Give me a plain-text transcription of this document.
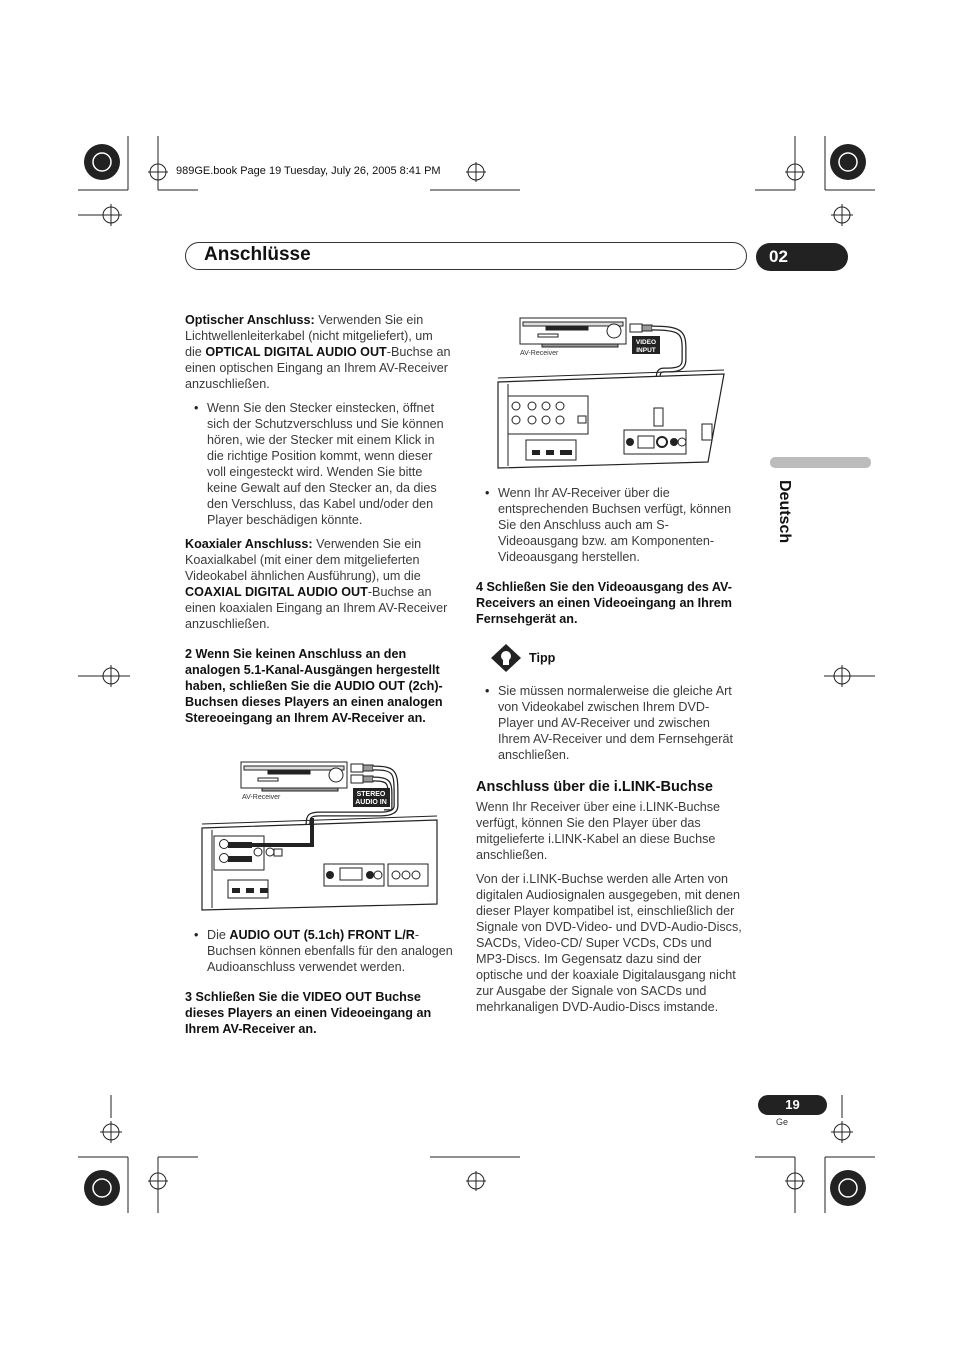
989GE.book Page 19 Tuesday, July 26, 2005 8:41 PM
Anschlüsse	02
Deutsch

Optischer Anschluss: Verwenden Sie ein Lichtwellenleiterkabel (nicht mitgeliefert), um die OPTICAL DIGITAL AUDIO OUT-Buchse an einen optischen Eingang an Ihrem AV-Receiver anzuschließen.

• Wenn Sie den Stecker einstecken, öffnet sich der Schutzverschluss und Sie können hören, wie der Stecker mit einem Klick in die richtige Position kommt, wenn dieser voll eingesteckt wird. Wenden Sie bitte keine Gewalt auf den Stecker an, da dies den Verschluss, das Kabel und/oder den Player beschädigen könnte.

Koaxialer Anschluss: Verwenden Sie ein Koaxialkabel (mit einer dem mitgelieferten Videokabel ähnlichen Ausführung), um die COAXIAL DIGITAL AUDIO OUT-Buchse an einen koaxialen Eingang an Ihrem AV-Receiver anzuschließen.

2 Wenn Sie keinen Anschluss an den analogen 5.1-Kanal-Ausgängen hergestellt haben, schließen Sie die AUDIO OUT (2ch)-Buchsen dieses Players an einen analogen Stereoeingang an Ihrem AV-Receiver an.

STEREO
AUDIO IN
AV-Receiver
• Die AUDIO OUT (5.1ch) FRONT L/R-Buchsen können ebenfalls für den analogen Audioanschluss verwendet werden.

3 Schließen Sie die VIDEO OUT Buchse dieses Players an einen Videoeingang an Ihrem AV-Receiver an.

VIDEO
INPUT
AV-Receiver
• Wenn Ihr AV-Receiver über die entsprechenden Buchsen verfügt, können Sie den Anschluss auch am S-Videoausgang bzw. am Komponenten-Videoausgang herstellen.

4 Schließen Sie den Videoausgang des AV-Receivers an einen Videoeingang an Ihrem Fernsehgerät an.

Tipp
• Sie müssen normalerweise die gleiche Art von Videokabel zwischen Ihrem DVD-Player und AV-Receiver und zwischen Ihrem AV-Receiver und dem Fernsehgerät anschließen.
Anschluss über die i.LINK-Buchse

Wenn Ihr Receiver über eine i.LINK-Buchse verfügt, können Sie den Player über das mitgelieferte i.LINK-Kabel an diese Buchse anschließen.

Von der i.LINK-Buchse werden alle Arten von digitalen Audiosignalen ausgegeben, mit denen dieser Player kompatibel ist, einschließlich der Signale von DVD-Video- und DVD-Audio-Discs, SACDs, Video-CD/ Super VCDs, CDs und MP3-Discs. Im Gegensatz dazu sind der optische und der koaxiale Digitalausgang nicht zur Ausgabe der Signale von SACDs und mehrkanaligen DVD-Audio-Discs imstande.

19
Ge
